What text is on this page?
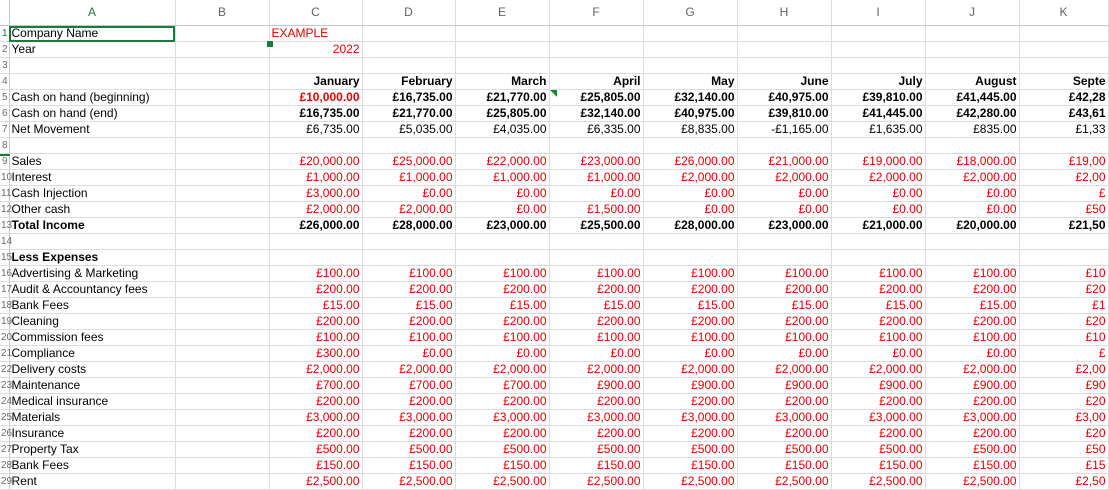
	A	B	C	D	E	F	G	H	I	J	K
1	Company Name		EXAMPLE								
2	Year		2022								
3											
4			January	February	March	April	May	June	July	August	Septe
5	Cash on hand (beginning)		£10,000.00	£16,735.00	£21,770.00	£25,805.00	£32,140.00	£40,975.00	£39,810.00	£41,445.00	£42,28
6	Cash on hand (end)		£16,735.00	£21,770.00	£25,805.00	£32,140.00	£40,975.00	£39,810.00	£41,445.00	£42,280.00	£43,61
7	Net Movement		£6,735.00	£5,035.00	£4,035.00	£6,335.00	£8,835.00	-£1,165.00	£1,635.00	£835.00	£1,33
8											
9	Sales		£20,000.00	£25,000.00	£22,000.00	£23,000.00	£26,000.00	£21,000.00	£19,000.00	£18,000.00	£19,00
10	Interest		£1,000.00	£1,000.00	£1,000.00	£1,000.00	£2,000.00	£2,000.00	£2,000.00	£2,000.00	£2,00
11	Cash Injection		£3,000.00	£0.00	£0.00	£0.00	£0.00	£0.00	£0.00	£0.00	£
12	Other cash		£2,000.00	£2,000.00	£0.00	£1,500.00	£0.00	£0.00	£0.00	£0.00	£50
13	Total Income		£26,000.00	£28,000.00	£23,000.00	£25,500.00	£28,000.00	£23,000.00	£21,000.00	£20,000.00	£21,50
14											
15	Less Expenses										
16	Advertising & Marketing		£100.00	£100.00	£100.00	£100.00	£100.00	£100.00	£100.00	£100.00	£10
17	Audit & Accountancy fees		£200.00	£200.00	£200.00	£200.00	£200.00	£200.00	£200.00	£200.00	£20
18	Bank Fees		£15.00	£15.00	£15.00	£15.00	£15.00	£15.00	£15.00	£15.00	£1
19	Cleaning		£200.00	£200.00	£200.00	£200.00	£200.00	£200.00	£200.00	£200.00	£20
20	Commission fees		£100.00	£100.00	£100.00	£100.00	£100.00	£100.00	£100.00	£100.00	£10
21	Compliance		£300.00	£0.00	£0.00	£0.00	£0.00	£0.00	£0.00	£0.00	£
22	Delivery costs		£2,000.00	£2,000.00	£2,000.00	£2,000.00	£2,000.00	£2,000.00	£2,000.00	£2,000.00	£2,00
23	Maintenance		£700.00	£700.00	£700.00	£900.00	£900.00	£900.00	£900.00	£900.00	£90
24	Medical insurance		£200.00	£200.00	£200.00	£200.00	£200.00	£200.00	£200.00	£200.00	£20
25	Materials		£3,000.00	£3,000.00	£3,000.00	£3,000.00	£3,000.00	£3,000.00	£3,000.00	£3,000.00	£3,00
26	Insurance		£200.00	£200.00	£200.00	£200.00	£200.00	£200.00	£200.00	£200.00	£20
27	Property Tax		£500.00	£500.00	£500.00	£500.00	£500.00	£500.00	£500.00	£500.00	£50
28	Bank Fees		£150.00	£150.00	£150.00	£150.00	£150.00	£150.00	£150.00	£150.00	£15
29	Rent		£2,500.00	£2,500.00	£2,500.00	£2,500.00	£2,500.00	£2,500.00	£2,500.00	£2,500.00	£2,50
